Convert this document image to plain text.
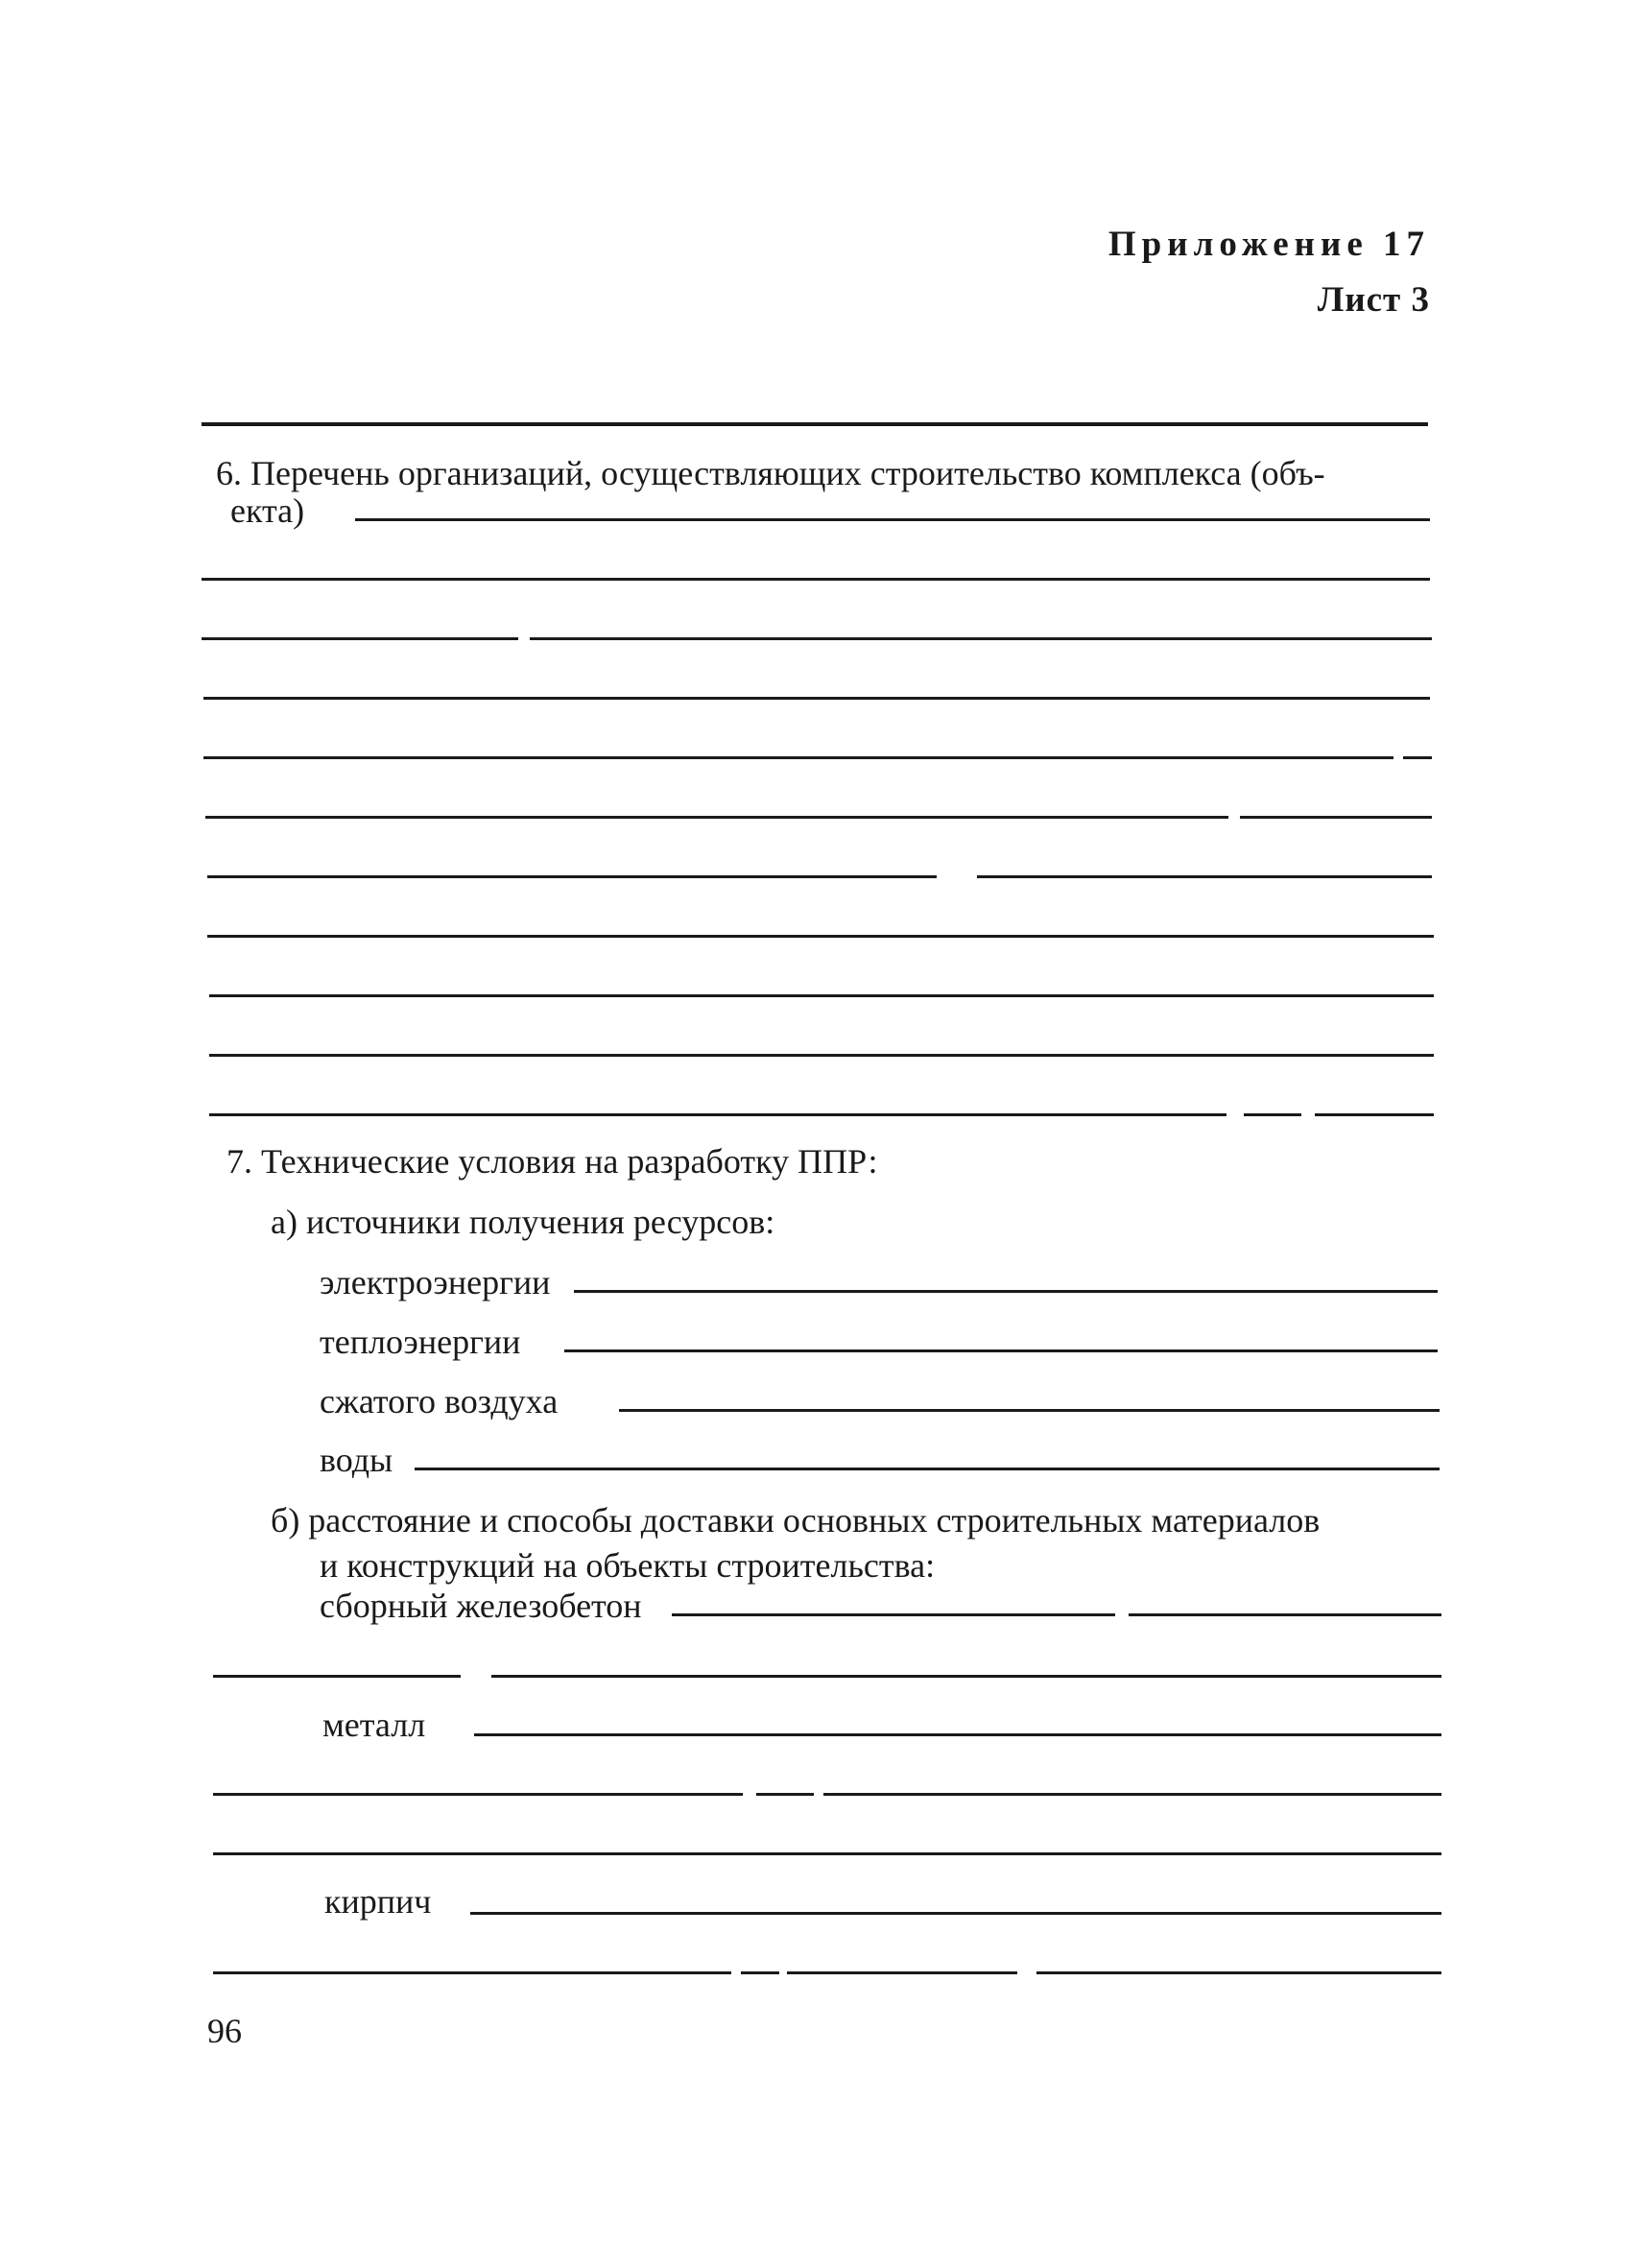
Приложение 17
Лист 3
6. Перечень организаций, осуществляющих строительство комплекса (объ-
екта)
7. Технические условия на разработку ППР:
а) источники получения ресурсов:
электроэнергии
теплоэнергии
сжатого воздуха
воды
б) расстояние и способы доставки основных строительных материалов
и конструкций на объекты строительства:
сборный железобетон
металл
кирпич
96
